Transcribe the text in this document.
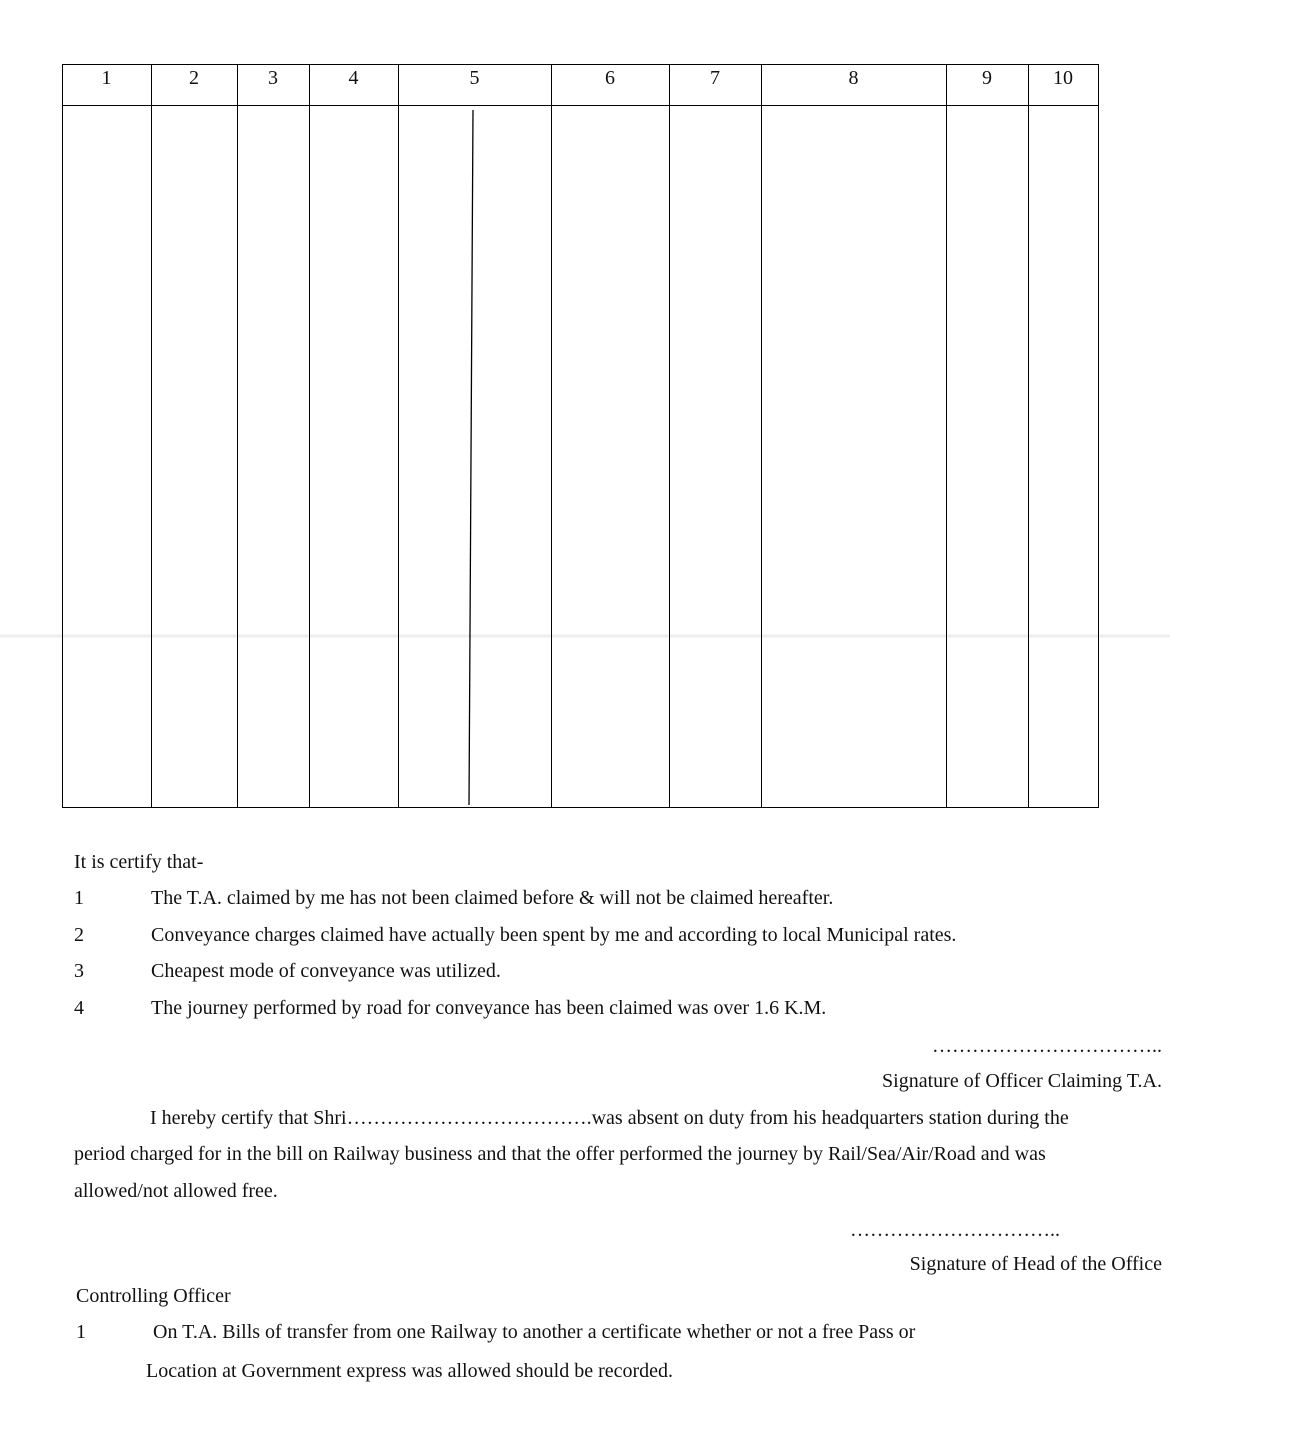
1	2	3	4	5	6	7	8	9	10
It is certify that-
1	The T.A. claimed by me has not been claimed before & will not be claimed hereafter.
2	Conveyance charges claimed have actually been spent by me and according to local Municipal rates.
3	Cheapest mode of conveyance was utilized.
4	The journey performed by road for conveyance has been claimed was over 1.6 K.M.
……………………………..
Signature of Officer Claiming T.A.
I hereby certify that Shri……………………………….was absent on duty from his headquarters station during the
period charged for in the bill on Railway business and that the offer performed the journey by Rail/Sea/Air/Road and was
allowed/not allowed free.
…………………………..
Signature of Head of the Office
Controlling Officer
1	On T.A. Bills of transfer from one Railway to another a certificate whether or not a free Pass or
Location at Government express was allowed should be recorded.
